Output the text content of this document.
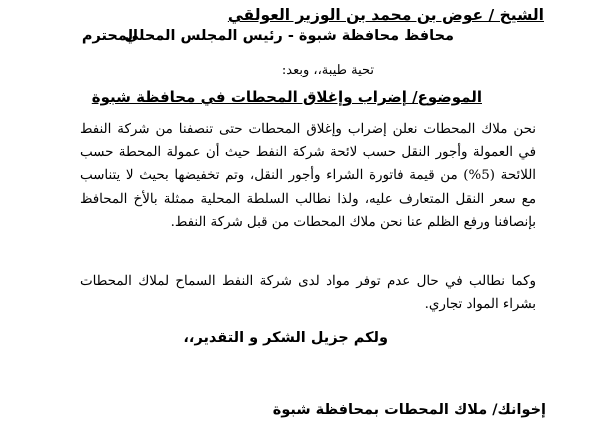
الشيخ / عوض بن محمد بن الوزير العولقي
محافظ محافظة شبوة - رئيس المجلس المحلي
المحترم
تحية طيبة،، وبعد:
الموضوع/ إضراب وإغلاق المحطات في محافظة شبوة
نحن ملاك المحطات نعلن إضراب وإغلاق المحطات حتى تنصفنا من شركة النفط في العمولة وأجور النقل حسب لائحة شركة النفط حيث أن عمولة المحطة حسب اللائحة (5%) من قيمة فاتورة الشراء وأجور النقل، وتم تخفيضها بحيث لا يتناسب مع سعر النقل المتعارف عليه، ولذا نطالب السلطة المحلية ممثلة بالأخ المحافظ بإنصافنا ورفع الظلم عنا نحن ملاك المحطات من قبل شركة النفط.
وكما نطالب في حال عدم توفر مواد لدى شركة النفط السماح لملاك المحطات بشراء المواد تجاري.
ولكم جزيل الشكر و التقدير،،
إخوانك/ ملاك المحطات بمحافظة شبوة
